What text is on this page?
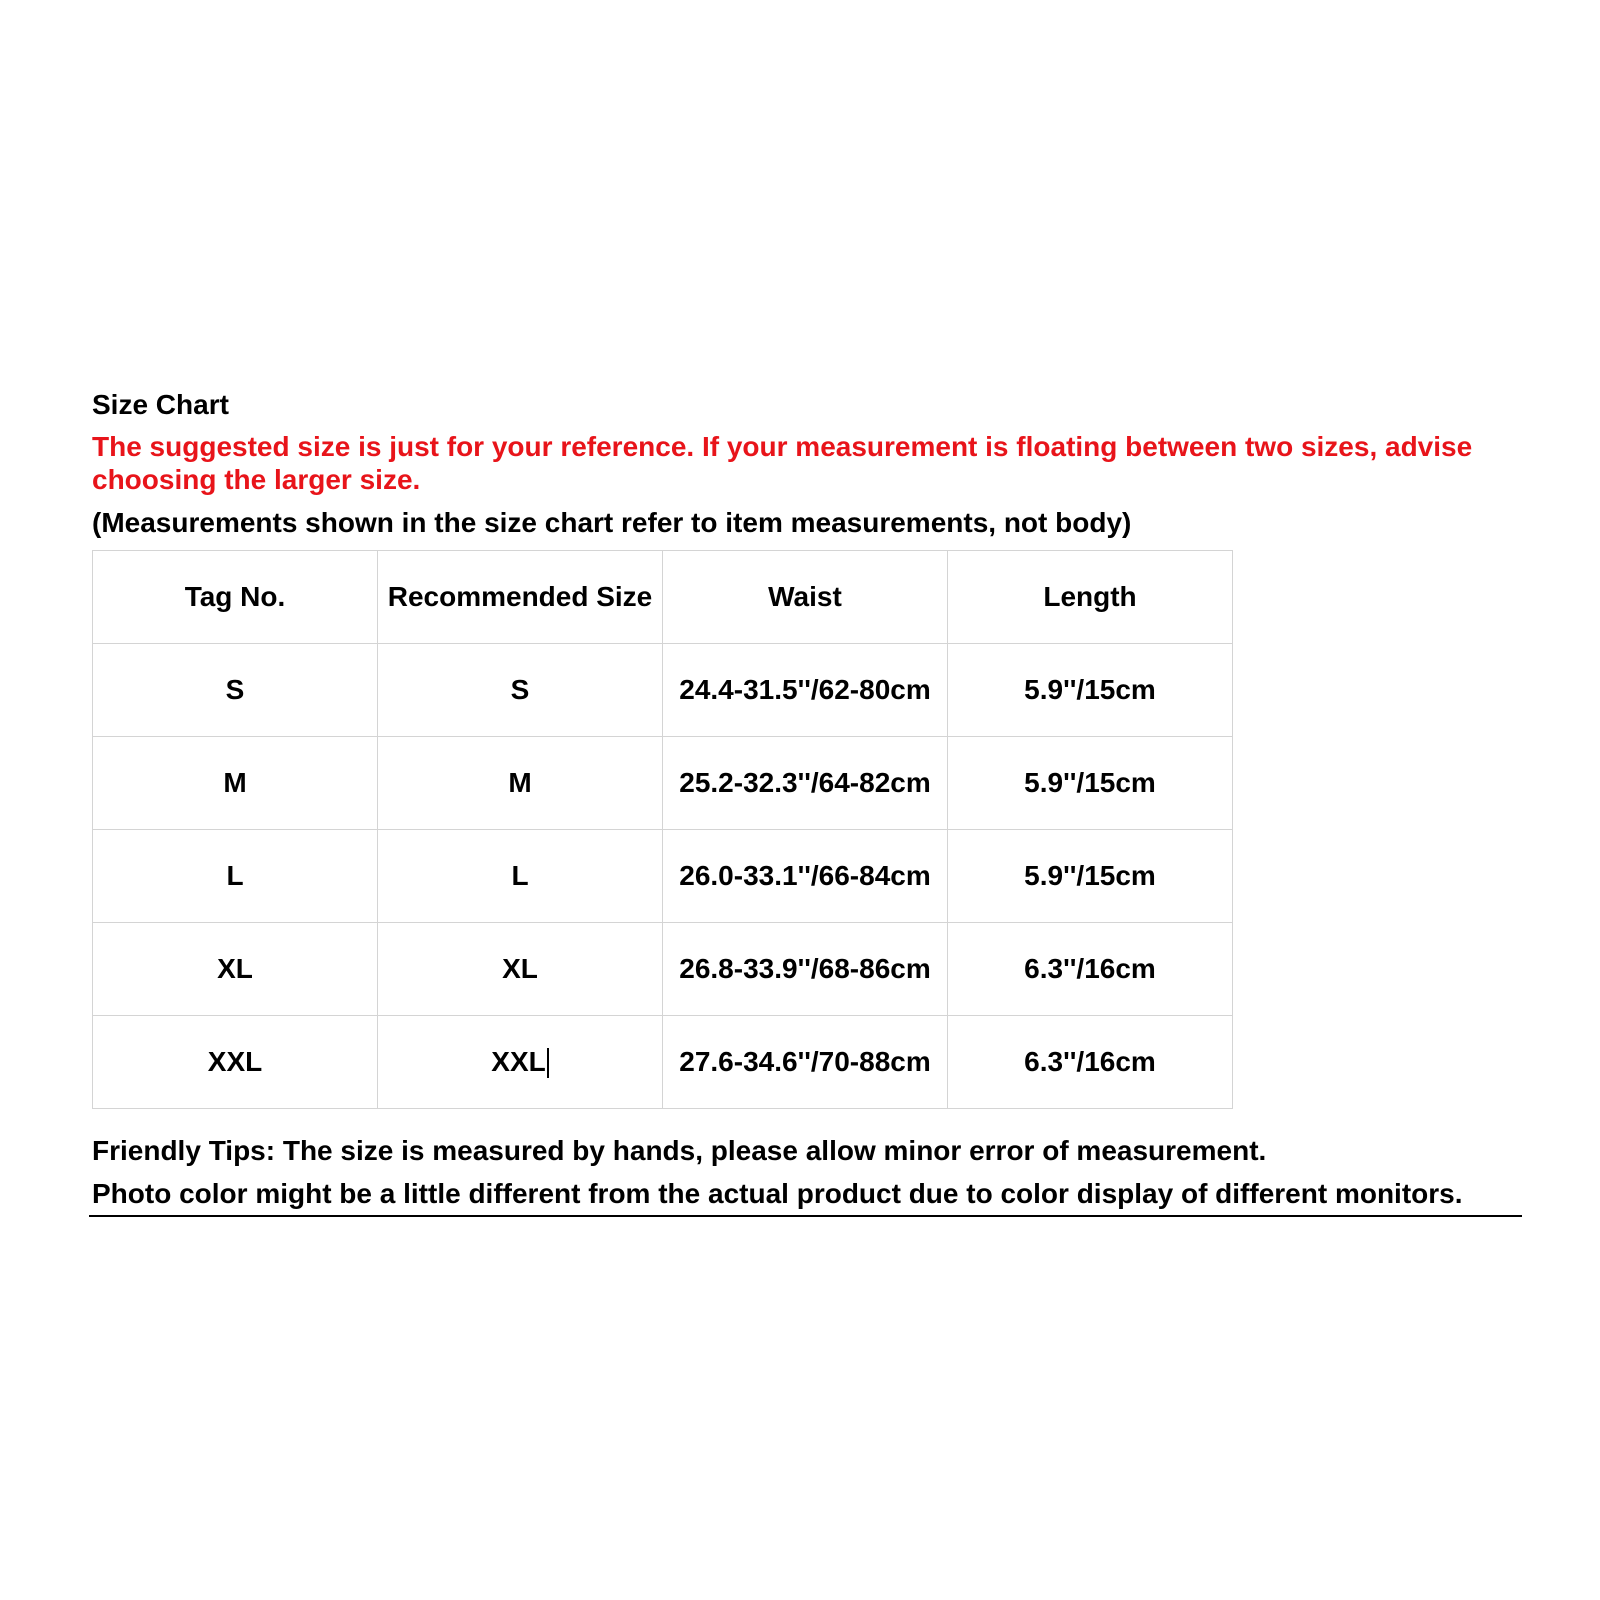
Size Chart
The suggested size is just for your reference. If your measurement is floating between two sizes, advise choosing the larger size.
(Measurements shown in the size chart refer to item measurements, not body)
Tag No.	Recommended Size	Waist	Length
S	S	24.4-31.5''/62-80cm	5.9''/15cm
M	M	25.2-32.3''/64-82cm	5.9''/15cm
L	L	26.0-33.1''/66-84cm	5.9''/15cm
XL	XL	26.8-33.9''/68-86cm	6.3''/16cm
XXL	XXL	27.6-34.6''/70-88cm	6.3''/16cm
Friendly Tips: The size is measured by hands, please allow minor error of measurement.
Photo color might be a little different from the actual product due to color display of different monitors.
